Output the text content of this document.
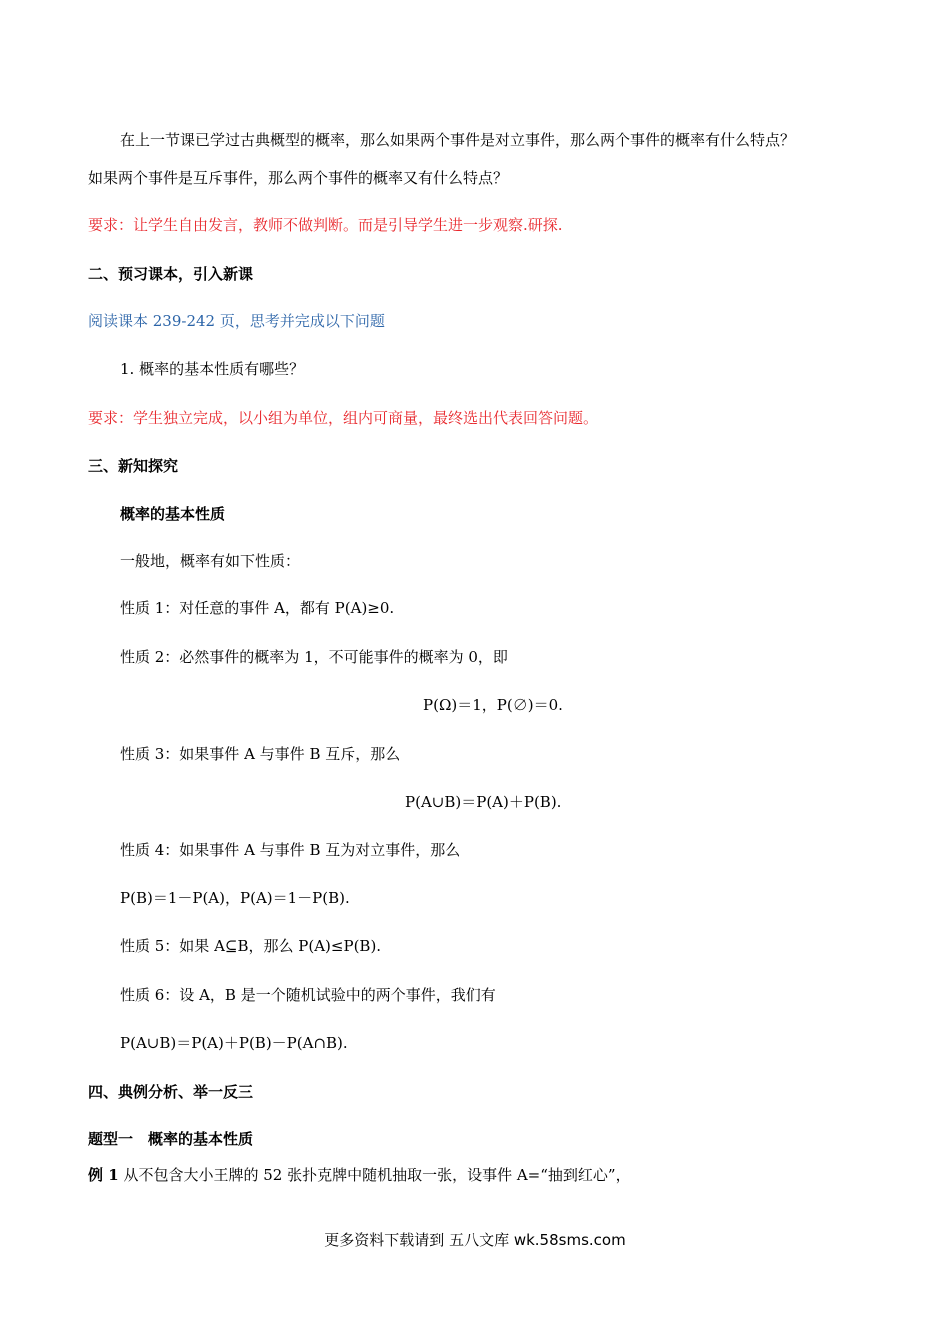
在上一节课已学过古典概型的概率，那么如果两个事件是对立事件，那么两个事件的概率有什么特点？
如果两个事件是互斥事件，那么两个事件的概率又有什么特点？
要求：让学生自由发言，教师不做判断。而是引导学生进一步观察.研探.
二、预习课本，引入新课
阅读课本 239-242 页，思考并完成以下问题
1. 概率的基本性质有哪些？
要求：学生独立完成，以小组为单位，组内可商量，最终选出代表回答问题。
三、新知探究
概率的基本性质
一般地，概率有如下性质：
性质 1：对任意的事件 A，都有 P(A)≥0.
性质 2：必然事件的概率为 1，不可能事件的概率为 0，即
P(Ω)＝1，P(∅)＝0.
性质 3：如果事件 A 与事件 B 互斥，那么
P(A∪B)＝P(A)＋P(B).
性质 4：如果事件 A 与事件 B 互为对立事件，那么
P(B)＝1－P(A)，P(A)＝1－P(B).
性质 5：如果 A⊆B，那么 P(A)≤P(B).
性质 6：设 A，B 是一个随机试验中的两个事件，我们有
P(A∪B)＝P(A)＋P(B)－P(A∩B).
四、典例分析、举一反三
题型一　概率的基本性质
例 1 从不包含大小王牌的 52 张扑克牌中随机抽取一张，设事件 A=“抽到红心”，
更多资料下载请到 五八文库 wk.58sms.com
